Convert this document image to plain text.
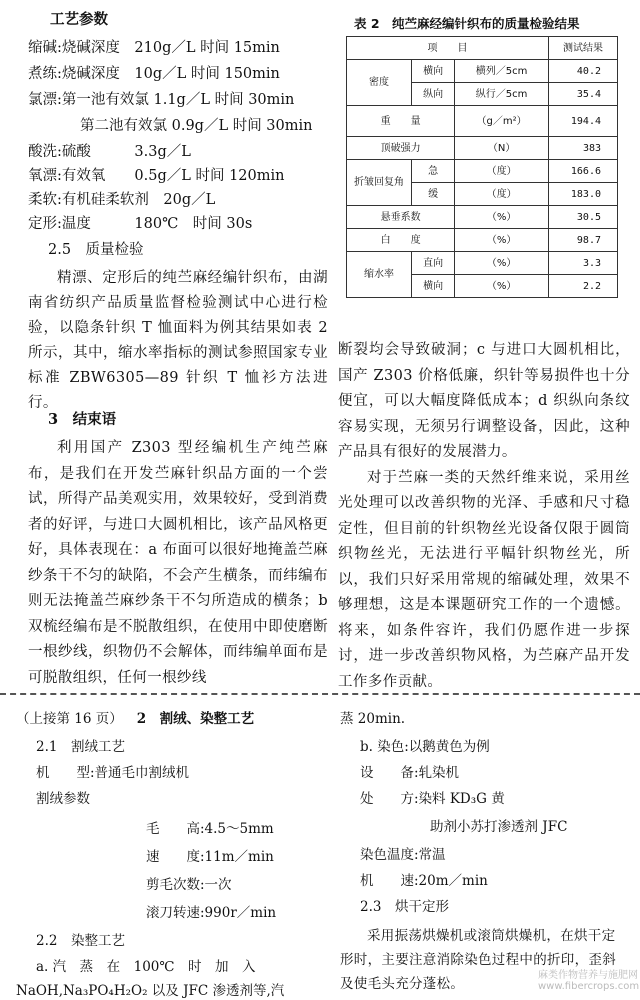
工艺参数
缩碱:烧碱深度　210g／L 时间 15min
煮练:烧碱深度　10g／L 时间 150min
氯漂:第一池有效氯 1.1g／L 时间 30min
第二池有效氯 0.9g／L 时间 30min
酸洗:硫酸　　　3.3g／L
氧漂:有效氧　　0.5g／L 时间 120min
柔软:有机硅柔软剂　20g／L
定形:温度　　　180℃　时间 30s
2.5　质量检验

精漂、定形后的纯苎麻经编针织布，由湖南省纺织产品质量监督检验测试中心进行检验，以隐条针织 T 恤面料为例其结果如表 2 所示，其中，缩水率指标的测试参照国家专业标准 ZBW6305—89 针织 T 恤衫方法进行。

3　结束语

利用国产 Z303 型经编机生产纯苎麻布，是我们在开发苎麻针织品方面的一个尝试，所得产品美观实用，效果较好，受到消费者的好评，与进口大圆机相比，该产品风格更好，具体表现在：a 布面可以很好地掩盖苎麻纱条干不匀的缺陷，不会产生横条，而纬编布则无法掩盖苎麻纱条干不匀所造成的横条；b 双梳经编布是不脱散组织，在使用中即使磨断一根纱线，织物仍不会解体，而纬编单面布是可脱散组织，任何一根纱线

表 2　纯苎麻经编针织布的质量检验结果
项　　目			测试结果
密度	横向	横列／5cm	40.2
	纵向	纵行／5cm	35.4
重　　量		（g／m²）	194.4
顶破强力		（N）	383
折皱回复角	急	（度）	166.6
	缓	（度）	183.0
悬垂系数		（%）	30.5
白　　度		（%）	98.7
缩水率	直向	（%）	3.3
	横向	（%）	2.2

断裂均会导致破洞；c 与进口大圆机相比，国产 Z303 价格低廉，织针等易损件也十分便宜，可以大幅度降低成本；d 织纵向条纹容易实现，无须另行调整设备，因此，这种产品具有很好的发展潜力。

对于苎麻一类的天然纤维来说，采用丝光处理可以改善织物的光泽、手感和尺寸稳定性，但目前的针织物丝光设备仅限于圆筒织物丝光，无法进行平幅针织物丝光，所以，我们只好采用常规的缩碱处理，效果不够理想，这是本课题研究工作的一个遗憾。将来，如条件容许，我们仍愿作进一步探讨，进一步改善织物风格，为苎麻产品开发工作多作贡献。

（上接第 16 页） 2　割绒、染整工艺
2.1　割绒工艺
机　　型:普通毛巾割绒机
割绒参数
毛　　高:4.5～5mm
速　　度:11m／min
剪毛次数:一次
滚刀转速:990r／min
2.2　染整工艺
a. 汽　蒸　在　100℃　时　加　入
NaOH,Na₃PO₄H₂O₂ 以及 JFC 渗透剂等,汽
蒸 20min.
b. 染色:以鹅黄色为例
设　　备:轧染机
处　　方:染料 KD₃G 黄
助剂小苏打渗透剂 JFC
染色温度:常温
机　　速:20m／min
2.3　烘干定形

采用振荡烘燥机或滚筒烘燥机，在烘干定形时，主要注意消除染色过程中的折印，歪斜及使毛头充分蓬松。

麻类作物营养与施肥网
www.fibercrops.com
